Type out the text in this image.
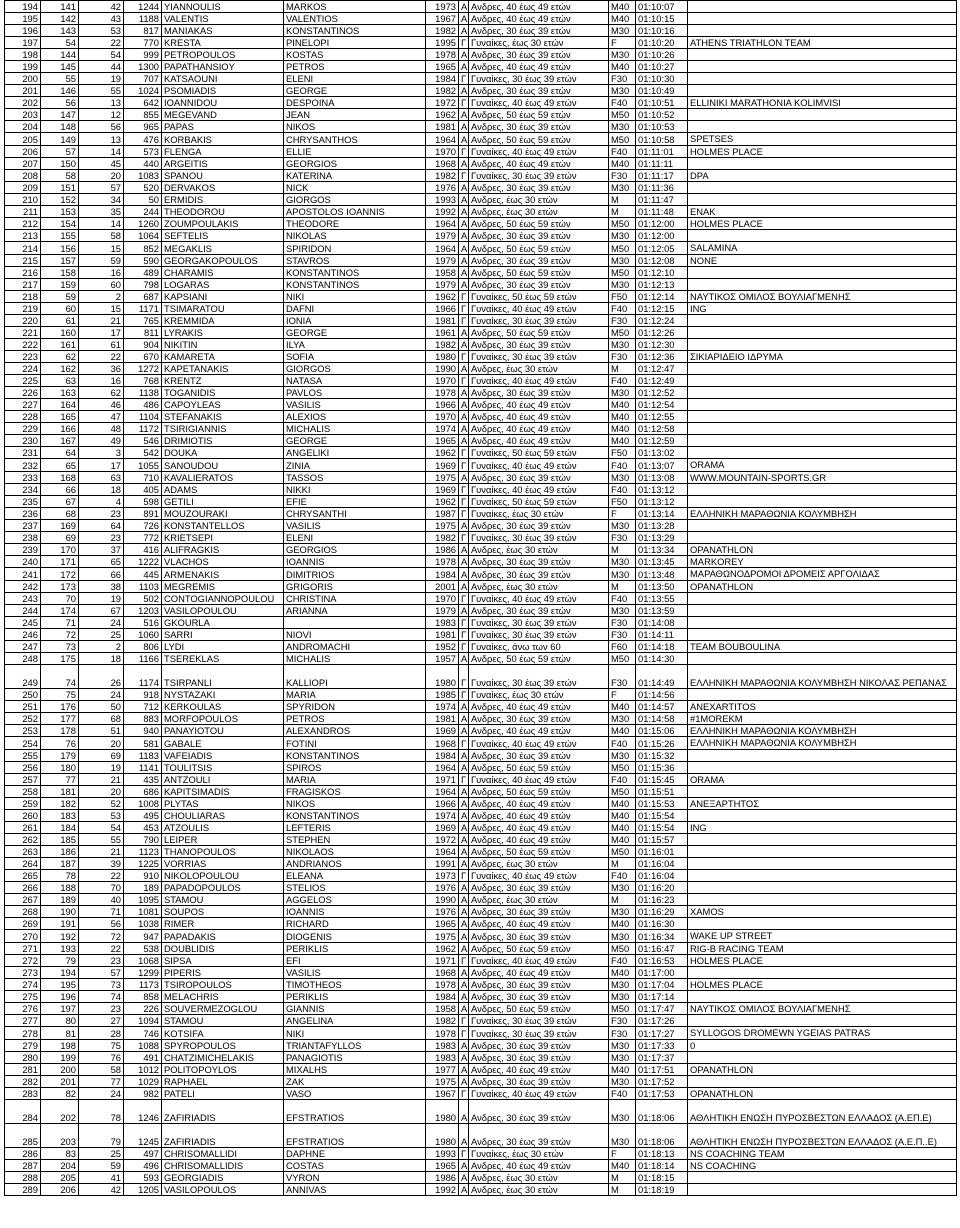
194	141	42	1244	YIANNOULIS	MARKOS	1973	Α	Ανδρες, 40 έως 49 ετών	M40	01:10:07	
195	142	43	1188	VALENTIS	VALENTIOS	1967	Α	Ανδρες, 40 έως 49 ετών	M40	01:10:15	
196	143	53	817	MANIAKAS	KONSTANTINOS	1982	Α	Ανδρες, 30 έως 39 ετών	M30	01:10:16	
197	54	22	770	KRESTA	PINELOPI	1995	Γ	Γυναίκες, έως 30 ετών	F	01:10:20	ATHENS TRIATHLON TEAM
198	144	54	999	PETROPOULOS	KOSTAS	1978	Α	Ανδρες, 30 έως 39 ετών	M30	01:10:26	
199	145	44	1300	PAPATHANSIOY	PETROS	1965	Α	Ανδρες, 40 έως 49 ετών	M40	01:10:27	
200	55	19	707	KATSAOUNI	ELENI	1984	Γ	Γυναίκες, 30 έως 39 ετών	F30	01:10:30	
201	146	55	1024	PSOMIADIS	GEORGE	1982	Α	Ανδρες, 30 έως 39 ετών	M30	01:10:49	
202	56	13	642	IOANNIDOU	DESPOINA	1972	Γ	Γυναίκες, 40 έως 49 ετών	F40	01:10:51	ELLINIKI MARATHONIA KOLIMVISI
203	147	12	855	MEGEVAND	JEAN	1962	Α	Ανδρες, 50 έως 59 ετών	M50	01:10:52	
204	148	56	965	PAPAS	NIKOS	1981	Α	Ανδρες, 30 έως 39 ετών	M30	01:10:53	
205	149	13	476	KORBAKIS	CHRYSANTHOS	1964	Α	Ανδρες, 50 έως 59 ετών	M50	01:10:58	SPETSES
206	57	14	573	FLENGA	ELLIE	1970	Γ	Γυναίκες, 40 έως 49 ετών	F40	01:11:01	HOLMES PLACE
207	150	45	440	ARGEITIS	GEORGIOS	1968	Α	Ανδρες, 40 έως 49 ετών	M40	01:11:11	
208	58	20	1083	SPANOU	KATERINA	1982	Γ	Γυναίκες, 30 έως 39 ετών	F30	01:11:17	DPA
209	151	57	520	DERVAKOS	NICK	1976	Α	Ανδρες, 30 έως 39 ετών	M30	01:11:36	
210	152	34	50	ERMIDIS	GIORGOS	1993	Α	Ανδρες, έως 30 ετών	M	01:11:47	
211	153	35	244	THEODOROU	APOSTOLOS IOANNIS	1992	Α	Ανδρες, έως 30 ετών	M	01:11:48	ENAK
212	154	14	1260	ZOUMPOULAKIS	THEODORE	1964	Α	Ανδρες, 50 έως 59 ετών	M50	01:12:00	HOLMES PLACE
213	155	58	1064	SEFTELIS	NIKOLAS	1979	Α	Ανδρες, 30 έως 39 ετών	M30	01:12:00	
214	156	15	852	MEGAKLIS	SPIRIDON	1964	Α	Ανδρες, 50 έως 59 ετών	M50	01:12:05	SALAMINA
215	157	59	590	GEORGAKOPOULOS	STAVROS	1979	Α	Ανδρες, 30 έως 39 ετών	M30	01:12:08	NONE
216	158	16	489	CHARAMIS	KONSTANTINOS	1958	Α	Ανδρες, 50 έως 59 ετών	M50	01:12:10	
217	159	60	798	LOGARAS	KONSTANTINOS	1979	Α	Ανδρες, 30 έως 39 ετών	M30	01:12:13	
218	59	2	687	KAPSIANI	NIKI	1962	Γ	Γυναίκες, 50 έως 59 ετών	F50	01:12:14	ΝΑΥΤΙΚΟΣ ΟΜΙΛΟΣ ΒΟΥΛΙΑΓΜΕΝΗΣ
219	60	15	1171	TSIMARATOU	DAFNI	1966	Γ	Γυναίκες, 40 έως 49 ετών	F40	01:12:15	ING
220	61	21	765	KREMMIDA	IONIA	1981	Γ	Γυναίκες, 30 έως 39 ετών	F30	01:12:24	
221	160	17	811	LYRAKIS	GEORGE	1961	Α	Ανδρες, 50 έως 59 ετών	M50	01:12:26	
222	161	61	904	NIKITIN	ILYA	1982	Α	Ανδρες, 30 έως 39 ετών	M30	01:12:30	
223	62	22	670	KAMARETA	SOFIA	1980	Γ	Γυναίκες, 30 έως 39 ετών	F30	01:12:36	ΣΙΚΙΑΡΙΔΕΙΟ ΙΔΡΥΜΑ
224	162	36	1272	KAPETANAKIS	GIORGOS	1990	Α	Ανδρες, έως 30 ετών	M	01:12:47	
225	63	16	768	KRENTZ	NATASA	1970	Γ	Γυναίκες, 40 έως 49 ετών	F40	01:12:49	
226	163	62	1138	TOGANIDIS	PAVLOS	1978	Α	Ανδρες, 30 έως 39 ετών	M30	01:12:52	
227	164	46	486	CAPOYLEAS	VASILIS	1966	Α	Ανδρες, 40 έως 49 ετών	M40	01:12:54	
228	165	47	1104	STEFANAKIS	ALEXIOS	1970	Α	Ανδρες, 40 έως 49 ετών	M40	01:12:55	
229	166	48	1172	TSIRIGIANNIS	MICHALIS	1974	Α	Ανδρες, 40 έως 49 ετών	M40	01:12:58	
230	167	49	546	DRIMIOTIS	GEORGE	1965	Α	Ανδρες, 40 έως 49 ετών	M40	01:12:59	
231	64	3	542	DOUKA	ANGELIKI	1962	Γ	Γυναίκες, 50 έως 59 ετών	F50	01:13:02	
232	65	17	1055	SANOUDOU	ZINIA	1969	Γ	Γυναίκες, 40 έως 49 ετών	F40	01:13:07	ORAMA
233	168	63	710	KAVALIERATOS	TASSOS	1975	Α	Ανδρες, 30 έως 39 ετών	M30	01:13:08	WWW.MOUNTAIN-SPORTS.GR
234	66	18	405	ADAMS	NIKKI	1969	Γ	Γυναίκες, 40 έως 49 ετών	F40	01:13:12	
235	67	4	598	GETILI	EFIE	1962	Γ	Γυναίκες, 50 έως 59 ετών	F50	01:13:12	
236	68	23	891	MOUZOURAKI	CHRYSANTHI	1987	Γ	Γυναίκες, έως 30 ετών	F	01:13:14	ΕΛΛΗΝΙΚΗ ΜΑΡΑΘΩΝΙΑ ΚΟΛΥΜΒΗΣΗ
237	169	64	726	KONSTANTELLOS	VASILIS	1975	Α	Ανδρες, 30 έως 39 ετών	M30	01:13:28	
238	69	23	772	KRIETSEPI	ELENI	1982	Γ	Γυναίκες, 30 έως 39 ετών	F30	01:13:29	
239	170	37	416	ALIFRAGKIS	GEORGIOS	1986	Α	Ανδρες, έως 30 ετών	M	01:13:34	OPANATHLON
240	171	65	1222	VLACHOS	IOANNIS	1978	Α	Ανδρες, 30 έως 39 ετών	M30	01:13:45	MARKOREY
241	172	66	445	ARMENAKIS	DIMITRIOS	1984	Α	Ανδρες, 30 έως 39 ετών	M30	01:13:48	ΜΑΡΑΘΩΝΟΔΡΟΜΟΙ ΔΡΟΜΕΙΣ ΑΡΓΟΛΙΔΑΣ
242	173	38	1103	MEGREMIS	GRIGORIS	2001	Α	Ανδρες, έως 30 ετών	M	01:13:50	OPANATHLON
243	70	19	502	CONTOGIANNOPOULOU	CHRISTINA	1970	Γ	Γυναίκες, 40 έως 49 ετών	F40	01:13:55	
244	174	67	1203	VASILOPOULOU	ARIANNA	1979	Α	Ανδρες, 30 έως 39 ετών	M30	01:13:59	
245	71	24	516	GKOURLA		1983	Γ	Γυναίκες, 30 έως 39 ετών	F30	01:14:08	
246	72	25	1060	SARRI	NIOVI	1981	Γ	Γυναίκες, 30 έως 39 ετών	F30	01:14:11	
247	73	2	806	LYDI	ANDROMACHI	1952	Γ	Γυναίκες, άνω των 60	F60	01:14:18	TEAM BOUBOULINA
248	175	18	1166	TSEREKLAS	MICHALIS	1957	Α	Ανδρες, 50 έως 59 ετών	M50	01:14:30	
249	74	26	1174	TSIRPANLI	KALLIOPI	1980	Γ	Γυναίκες, 30 έως 39 ετών	F30	01:14:49	ΕΛΛΗΝΙΚΗ ΜΑΡΑΘΩΝΙΑ ΚΟΛΥΜΒΗΣΗ ΝΙΚΟΛΑΣ ΡΕΠΑΝΑΣ
250	75	24	918	NYSTAZAKI	MARIA	1985	Γ	Γυναίκες, έως 30 ετών	F	01:14:56	
251	176	50	712	KERKOULAS	SPYRIDON	1974	Α	Ανδρες, 40 έως 49 ετών	M40	01:14:57	ANEXARTITOS
252	177	68	883	MORFOPOULOS	PETROS	1981	Α	Ανδρες, 30 έως 39 ετών	M30	01:14:58	#1MOREKM
253	178	51	940	PANAYIOTOU	ALEXANDROS	1969	Α	Ανδρες, 40 έως 49 ετών	M40	01:15:06	ΕΛΛΗΝΙΚΗ ΜΑΡΑΘΩΝΙΑ ΚΟΛΥΜΒΗΣΗ
254	76	20	581	GABALE	FOTINI	1968	Γ	Γυναίκες, 40 έως 49 ετών	F40	01:15:26	ΕΛΛΗΝΙΚΗ ΜΑΡΑΘΩΝΙΑ ΚΟΛΥΜΒΗΣΗ
255	179	69	1183	VAFEIADIS	KONSTANTINOS	1984	Α	Ανδρες, 30 έως 39 ετών	M30	01:15:32	
256	180	19	1141	TOULITSIS	SPIROS	1964	Α	Ανδρες, 50 έως 59 ετών	M50	01:15:36	
257	77	21	435	ANTZOULI	MARIA	1971	Γ	Γυναίκες, 40 έως 49 ετών	F40	01:15:45	ORAMA
258	181	20	686	KAPITSIMADIS	FRAGISKOS	1964	Α	Ανδρες, 50 έως 59 ετών	M50	01:15:51	
259	182	52	1008	PLYTAS	NIKOS	1966	Α	Ανδρες, 40 έως 49 ετών	M40	01:15:53	ΑΝΕΞΑΡΤΗΤΟΣ
260	183	53	495	CHOULIARAS	KONSTANTINOS	1974	Α	Ανδρες, 40 έως 49 ετών	M40	01:15:54	
261	184	54	453	ATZOULIS	LEFTERIS	1969	Α	Ανδρες, 40 έως 49 ετών	M40	01:15:54	ING
262	185	55	790	LEIPER	STEPHEN	1972	Α	Ανδρες, 40 έως 49 ετών	M40	01:15:57	
263	186	21	1123	THANOPOULOS	NIKOLAOS	1964	Α	Ανδρες, 50 έως 59 ετών	M50	01:16:01	
264	187	39	1225	VORRIAS	ANDRIANOS	1991	Α	Ανδρες, έως 30 ετών	M	01:16:04	
265	78	22	910	NIKOLOPOULOU	ELEANA	1973	Γ	Γυναίκες, 40 έως 49 ετών	F40	01:16:04	
266	188	70	189	PAPADOPOULOS	STELIOS	1976	Α	Ανδρες, 30 έως 39 ετών	M30	01:16:20	
267	189	40	1095	STAMOU	AGGELOS	1990	Α	Ανδρες, έως 30 ετών	M	01:16:23	
268	190	71	1081	SOUPOS	IOANNIS	1976	Α	Ανδρες, 30 έως 39 ετών	M30	01:16:29	XAMOS
269	191	56	1038	RIMER	RICHARD	1965	Α	Ανδρες, 40 έως 49 ετών	M40	01:16:30	
270	192	72	947	PAPADAKIS	DIOGENIS	1975	Α	Ανδρες, 30 έως 39 ετών	M30	01:16:34	WAKE UP STREET
271	193	22	538	DOUBLIDIS	PERIKLIS	1962	Α	Ανδρες, 50 έως 59 ετών	M50	01:16:47	RIG-B RACING TEAM
272	79	23	1068	SIPSA	EFI	1971	Γ	Γυναίκες, 40 έως 49 ετών	F40	01:16:53	HOLMES PLACE
273	194	57	1299	PIPERIS	VASILIS	1968	Α	Ανδρες, 40 έως 49 ετών	M40	01:17:00	
274	195	73	1173	TSIROPOULOS	TIMOTHEOS	1978	Α	Ανδρες, 30 έως 39 ετών	M30	01:17:04	HOLMES PLACE
275	196	74	858	MELACHRIS	PERIKLIS	1984	Α	Ανδρες, 30 έως 39 ετών	M30	01:17:14	
276	197	23	226	SOUVERMEZOGLOU	GIANNIS	1958	Α	Ανδρες, 50 έως 59 ετών	M50	01:17:47	ΝΑΥΤΙΚΟΣ ΟΜΙΛΟΣ ΒΟΥΛΙΑΓΜΕΝΗΣ
277	80	27	1094	STAMOU	ANGELINA	1982	Γ	Γυναίκες, 30 έως 39 ετών	F30	01:17:26	
278	81	28	746	KOTSIFA	NIKI	1978	Γ	Γυναίκες, 30 έως 39 ετών	F30	01:17:27	SYLLOGOS DROMEWN YGEIAS PATRAS
279	198	75	1088	SPYROPOULOS	TRIANTAFYLLOS	1983	Α	Ανδρες, 30 έως 39 ετών	M30	01:17:33	0
280	199	76	491	CHATZIMICHELAKIS	PANAGIOTIS	1983	Α	Ανδρες, 30 έως 39 ετών	M30	01:17:37	
281	200	58	1012	POLITOPOYLOS	MIXALHS	1977	Α	Ανδρες, 40 έως 49 ετών	M40	01:17:51	OPANATHLON
282	201	77	1029	RAPHAEL	ZAK	1975	Α	Ανδρες, 30 έως 39 ετών	M30	01:17:52	
283	82	24	982	PATELI	VASO	1967	Γ	Γυναίκες, 40 έως 49 ετών	F40	01:17:53	OPANATHLON
284	202	78	1246	ZAFIRIADIS	EFSTRATIOS	1980	Α	Ανδρες, 30 έως 39 ετών	M30	01:18:06	ΑΘΛΗΤΙΚΗ ΕΝΩΣΗ ΠΥΡΟΣΒΕΣΤΩΝ ΕΛΛΑΔΟΣ (Α.ΕΠ.Ε)
285	203	79	1245	ZAFIRIADIS	EFSTRATIOS	1980	Α	Ανδρες, 30 έως 39 ετών	M30	01:18:06	ΑΘΛΗΤΙΚΗ ΕΝΩΣΗ ΠΥΡΟΣΒΕΣΤΩΝ ΕΛΛΑΔΟΣ (Α.Ε.Π..Ε)
286	83	25	497	CHRISOMALLIDI	DAPHNE	1993	Γ	Γυναίκες, έως 30 ετών	F	01:18:13	NS COACHING TEAM
287	204	59	496	CHRISOMALLIDIS	COSTAS	1965	Α	Ανδρες, 40 έως 49 ετών	M40	01:18:14	NS COACHING
288	205	41	593	GEORGIADIS	VYRON	1986	Α	Ανδρες, έως 30 ετών	M	01:18:15	
289	206	42	1205	VASILOPOULOS	ANNIVAS	1992	Α	Ανδρες, έως 30 ετών	M	01:18:19	
